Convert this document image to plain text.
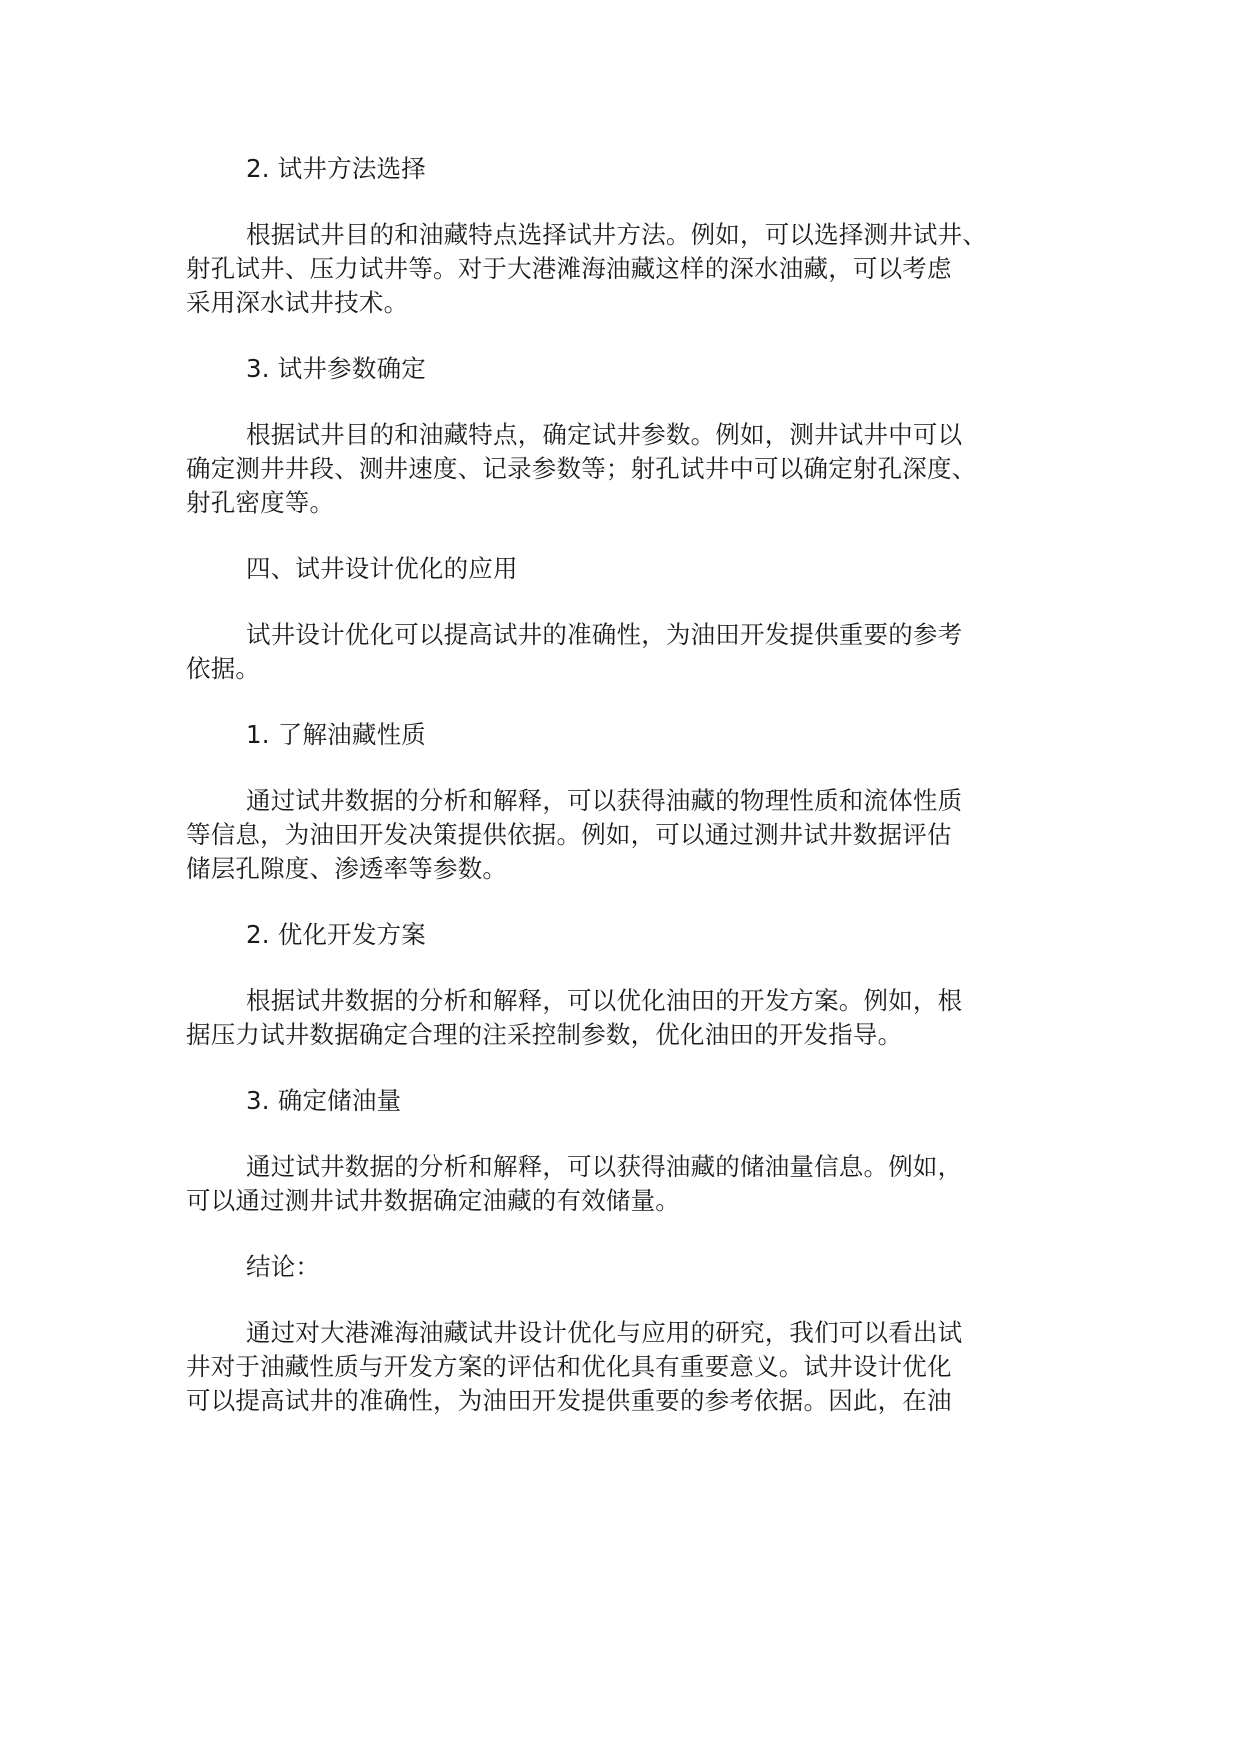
2. 试井方法选择
根据试井目的和油藏特点选择试井方法。例如，可以选择测井试井、
射孔试井、压力试井等。对于大港滩海油藏这样的深水油藏，可以考虑
采用深水试井技术。
3. 试井参数确定
根据试井目的和油藏特点，确定试井参数。例如，测井试井中可以
确定测井井段、测井速度、记录参数等；射孔试井中可以确定射孔深度、
射孔密度等。
四、试井设计优化的应用
试井设计优化可以提高试井的准确性，为油田开发提供重要的参考
依据。
1. 了解油藏性质
通过试井数据的分析和解释，可以获得油藏的物理性质和流体性质
等信息，为油田开发决策提供依据。例如，可以通过测井试井数据评估
储层孔隙度、渗透率等参数。
2. 优化开发方案
根据试井数据的分析和解释，可以优化油田的开发方案。例如，根
据压力试井数据确定合理的注采控制参数，优化油田的开发指导。
3. 确定储油量
通过试井数据的分析和解释，可以获得油藏的储油量信息。例如，
可以通过测井试井数据确定油藏的有效储量。
结论：
通过对大港滩海油藏试井设计优化与应用的研究，我们可以看出试
井对于油藏性质与开发方案的评估和优化具有重要意义。试井设计优化
可以提高试井的准确性，为油田开发提供重要的参考依据。因此，在油
